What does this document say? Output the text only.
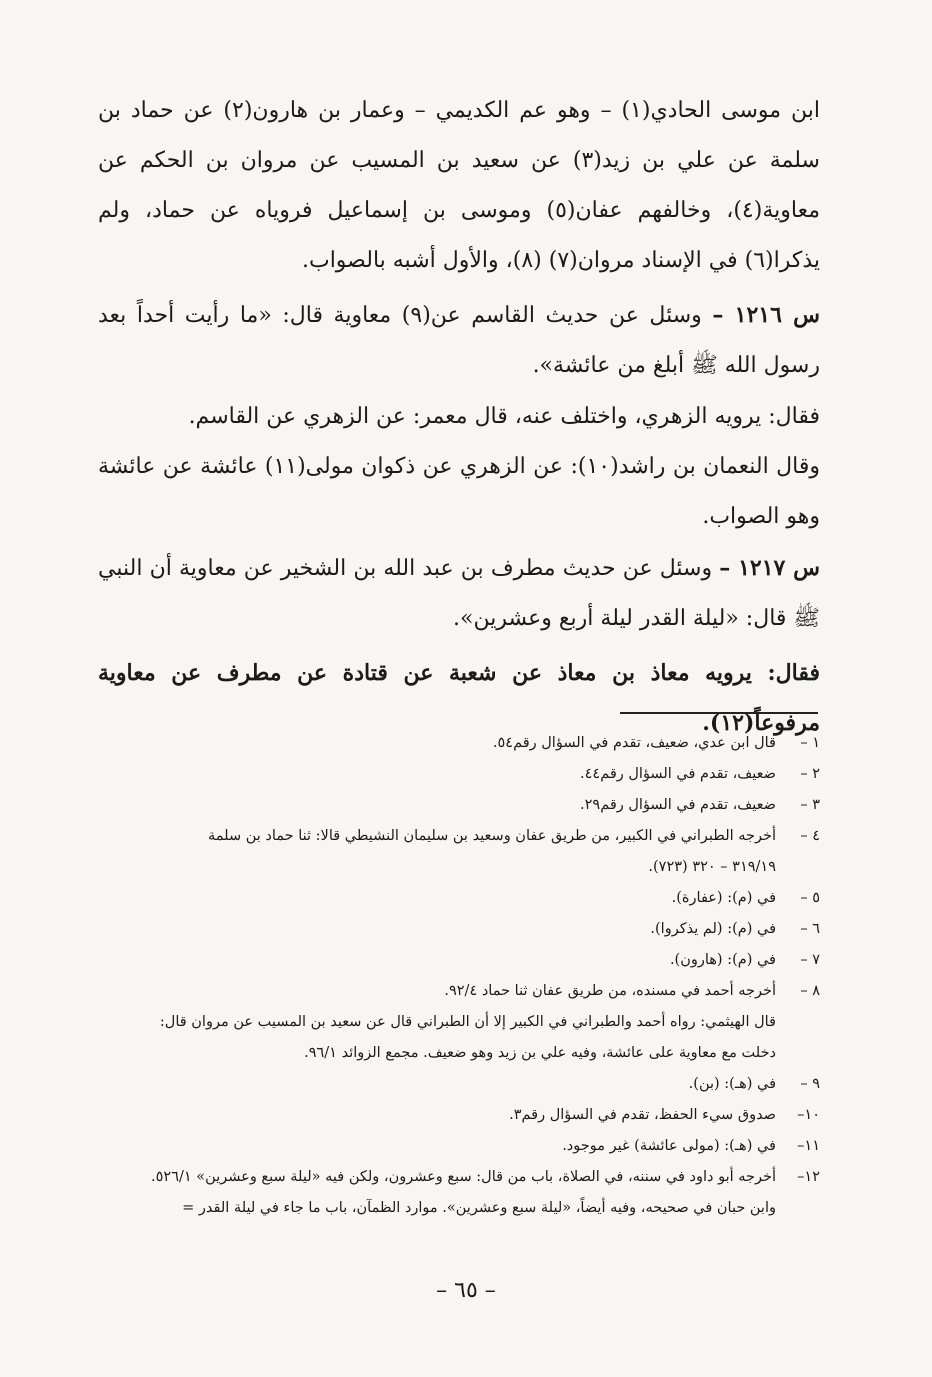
ابن موسى الحادي(١) – وهو عم الكديمي – وعمار بن هارون(٢) عن حماد بن سلمة عن علي بن زيد(٣) عن سعيد بن المسيب عن مروان بن الحكم عن معاوية(٤)، وخالفهم عفان(٥) وموسى بن إسماعيل فروياه عن حماد، ولم يذكرا(٦) في الإسناد مروان(٧) (٨)، والأول أشبه بالصواب.

س ١٢١٦ – وسئل عن حديث القاسم عن(٩) معاوية قال: «ما رأيت أحداً بعد رسول الله ﷺ أبلغ من عائشة».

فقال: يرويه الزهري، واختلف عنه، قال معمر: عن الزهري عن القاسم.

وقال النعمان بن راشد(١٠): عن الزهري عن ذكوان مولى(١١) عائشة عن عائشة وهو الصواب.

س ١٢١٧ – وسئل عن حديث مطرف بن عبد الله بن الشخير عن معاوية أن النبي ﷺ قال: «ليلة القدر ليلة أربع وعشرين».

فقال: يرويه معاذ بن معاذ عن شعبة عن قتادة عن مطرف عن معاوية مرفوعاً(١٢).

١ –
قال ابن عدي، ضعيف، تقدم في السؤال رقم٥٤.
٢ –
ضعيف، تقدم في السؤال رقم٤٤.
٣ –
ضعيف، تقدم في السؤال رقم٢٩.
٤ –
أخرجه الطبراني في الكبير، من طريق عفان وسعيد بن سليمان النشيطي قالا: ثنا حماد بن سلمة
٣١٩/١٩ – ٣٢٠ (٧٢٣).
٥ –
في (م): (عفارة).
٦ –
في (م): (لم يذكروا).
٧ –
في (م): (هارون).
٨ –
أخرجه أحمد في مسنده، من طريق عفان ثنا حماد ٩٢/٤.
قال الهيثمي: رواه أحمد والطبراني في الكبير إلا أن الطبراني قال عن سعيد بن المسيب عن مروان قال:
دخلت مع معاوية على عائشة، وفيه علي بن زيد وهو ضعيف. مجمع الزوائد ٩٦/١.
٩ –
في (هـ): (بن).
١٠–
صدوق سيء الحفظ، تقدم في السؤال رقم٣.
١١–
في (هـ): (مولى عائشة) غير موجود.
١٢–
أخرجه أبو داود في سننه، في الصلاة، باب من قال: سبع وعشرون، ولكن فيه «ليلة سبع وعشرين» ٥٢٦/١.
وابن حبان في صحيحه، وفيه أيضاً، «ليلة سبع وعشرين». موارد الظمآن، باب ما جاء في ليلة القدر =
– ٦٥ –
